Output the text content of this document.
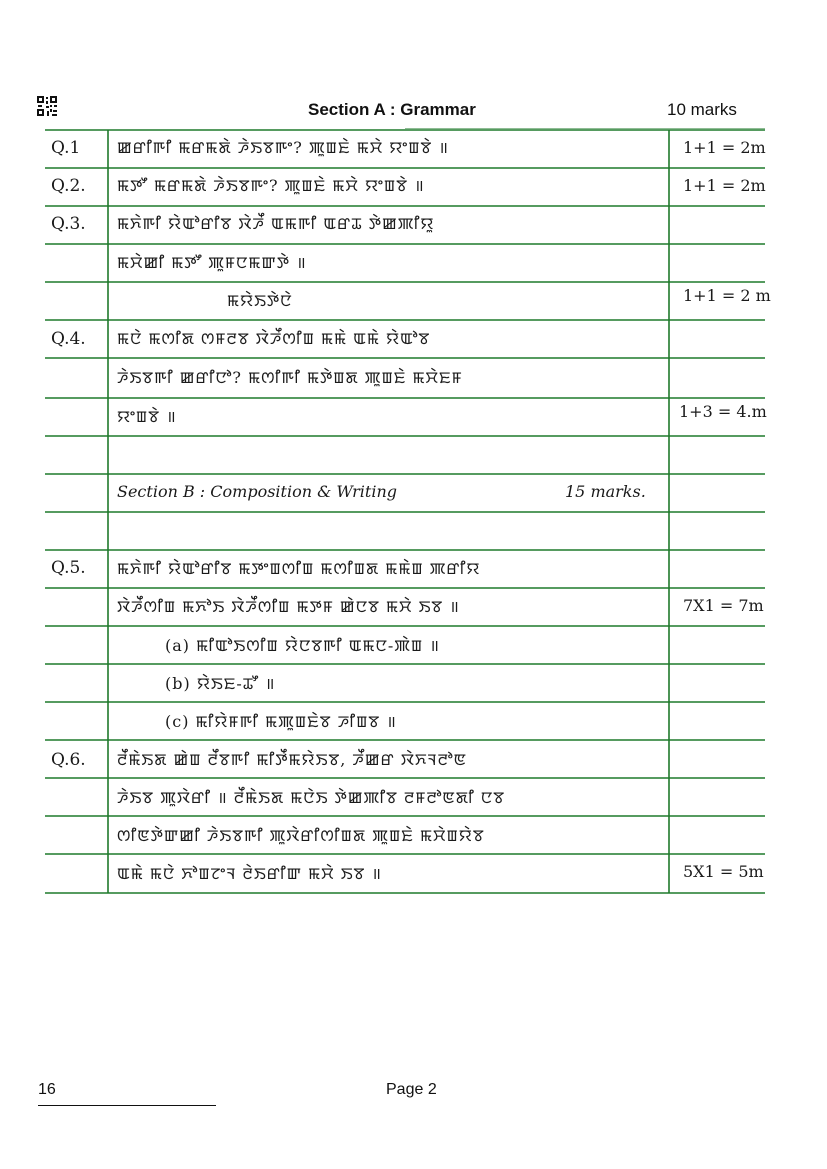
Section A : Grammar	10 marks
Q.1 ꯀꯔꯤꯒꯤ ꯃꯔꯃꯗꯥ ꯍꯥꯏꯕꯒꯦ? ꯄꯨꯡꯐꯥ ꯃꯆꯥ ꯌꯦꯡꯕꯥ ॥	1+1 = 2m
Q.2. ꯃꯇꯧ ꯃꯔꯃꯗꯥ ꯍꯥꯏꯕꯒꯦ? ꯄꯨꯡꯐꯥ ꯃꯆꯥ ꯌꯦꯡꯕꯥ ॥	1+1 = 2m
Q.3. ꯃꯈꯥꯒꯤ ꯌꯥꯑꯣꯔꯤꯕ ꯋꯥꯍꯩ ꯑꯃꯒꯤ ꯑꯔꯊ ꯇꯥꯀꯄꯤꯌꯨ
ꯃꯆꯥꯀꯤ ꯃꯇꯧ ꯄꯨꯝꯅꯃꯛꯇꯥ ॥
ꯃꯌꯥꯏꯇꯥꯅꯥ	1+1 = 2 m
Q.4. ꯃꯅꯥ ꯃꯁꯤꯗ ꯁꯝꯂꯕ ꯋꯥꯍꯩꯁꯤꯡ ꯃꯃꯥ ꯑꯃꯥ ꯌꯥꯑꯣꯕ
ꯍꯥꯏꯕꯒꯤ ꯀꯔꯤꯅꯣ? ꯃꯁꯤꯒꯤ ꯃꯇꯥꯡꯗ ꯄꯨꯡꯐꯥ ꯃꯆꯥꯐꯝ
ꯌꯦꯡꯕꯥ ॥	1+3 = 4.m
Section B : Composition & Writing	15 marks.
Q.5. ꯃꯈꯥꯒꯤ ꯌꯥꯑꯣꯔꯤꯕ ꯃꯇꯦꯡꯁꯤꯡ ꯃꯁꯤꯡꯗ ꯃꯃꯥꯡ ꯄꯔꯤꯌ
ꯋꯥꯍꯩꯁꯤꯡ ꯃꯈꯣꯏ ꯋꯥꯍꯩꯁꯤꯡ ꯃꯇꯝ ꯀꯥꯅꯕ ꯃꯆꯥ ꯏꯕ ॥	7X1 = 7m
(a) ꯃꯤꯑꯣꯏꯁꯤꯡ ꯌꯥꯅꯕꯒꯤ ꯑꯃꯅ-ꯄꯥꯡ ॥
(b) ꯌꯥꯏꯐ-ꯊꯧ ॥
(c) ꯃꯤꯌꯥꯝꯒꯤ ꯃꯄꯨꯡꯐꯥꯕ ꯍꯤꯡꯕ ॥
Q.6. ꯂꯩꯃꯥꯏꯗ ꯀꯥꯡ ꯂꯩꯕꯒꯤ ꯃꯤꯇꯩꯃꯌꯥꯏꯕ, ꯍꯩꯀꯔ ꯋꯥꯈꯜꯂꯣꯟ
ꯍꯥꯏꯕ ꯄꯨꯋꯥꯔꯤ ॥ ꯂꯩꯃꯥꯏꯗ ꯃꯅꯥꯏ ꯇꯥꯀꯄꯤꯕ ꯂꯝꯂꯣꯟꯗꯤ ꯅꯕ
ꯁꯤꯟꯇꯥꯛꯀꯤ ꯍꯥꯏꯕꯒꯤ ꯄꯨꯋꯥꯔꯤꯁꯤꯡꯗ ꯄꯨꯡꯐꯥ ꯃꯆꯥꯡꯌꯥꯕ
ꯑꯃꯥ ꯃꯅꯥ ꯈꯣꯡꯖꯦꯜ ꯂꯥꯏꯔꯤꯛ ꯃꯆꯥ ꯏꯕ ॥	5X1 = 5m
16	Page 2
